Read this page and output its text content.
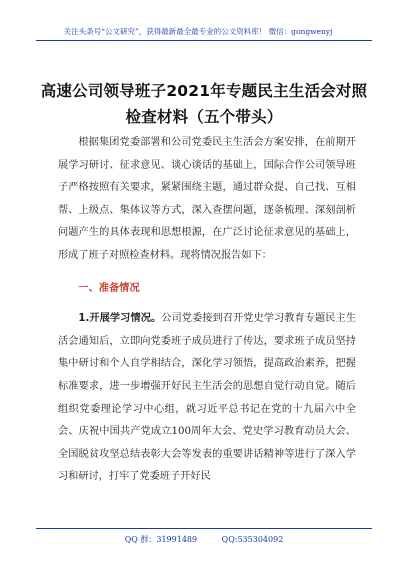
关注头条号“公文研究”，获得最新最全最专业的公文资料库！ 微信：gongwenyj
高速公司领导班子2021年专题民主生活会对照检查材料（五个带头）

根据集团党委部署和公司党委民主生活会方案安排，在前期开展学习研讨、征求意见、谈心谈话的基础上，国际合作公司领导班子严格按照有关要求，紧紧围绕主题，通过群众提、自己找、互相帮、上级点、集体议等方式，深入查摆问题，逐条梳理、深刻剖析问题产生的具体表现和思想根源，在广泛讨论征求意见的基础上，形成了班子对照检查材料。现将情况报告如下：

一、准备情况

1.开展学习情况。公司党委接到召开党史学习教育专题民主生活会通知后，立即向党委班子成员进行了传达，要求班子成员坚持集中研讨和个人自学相结合，深化学习领悟，提高政治素养，把握标准要求，进一步增强开好民主生活会的思想自觉行动自觉。随后组织党委理论学习中心组，就习近平总书记在党的十九届六中全会、庆祝中国共产党成立100周年大会、党史学习教育动员大会、全国脱贫攻坚总结表彰大会等发表的重要讲话精神等进行了深入学习和研讨，打牢了党委班子开好民

QQ 群：31991489	QQ:535304092
